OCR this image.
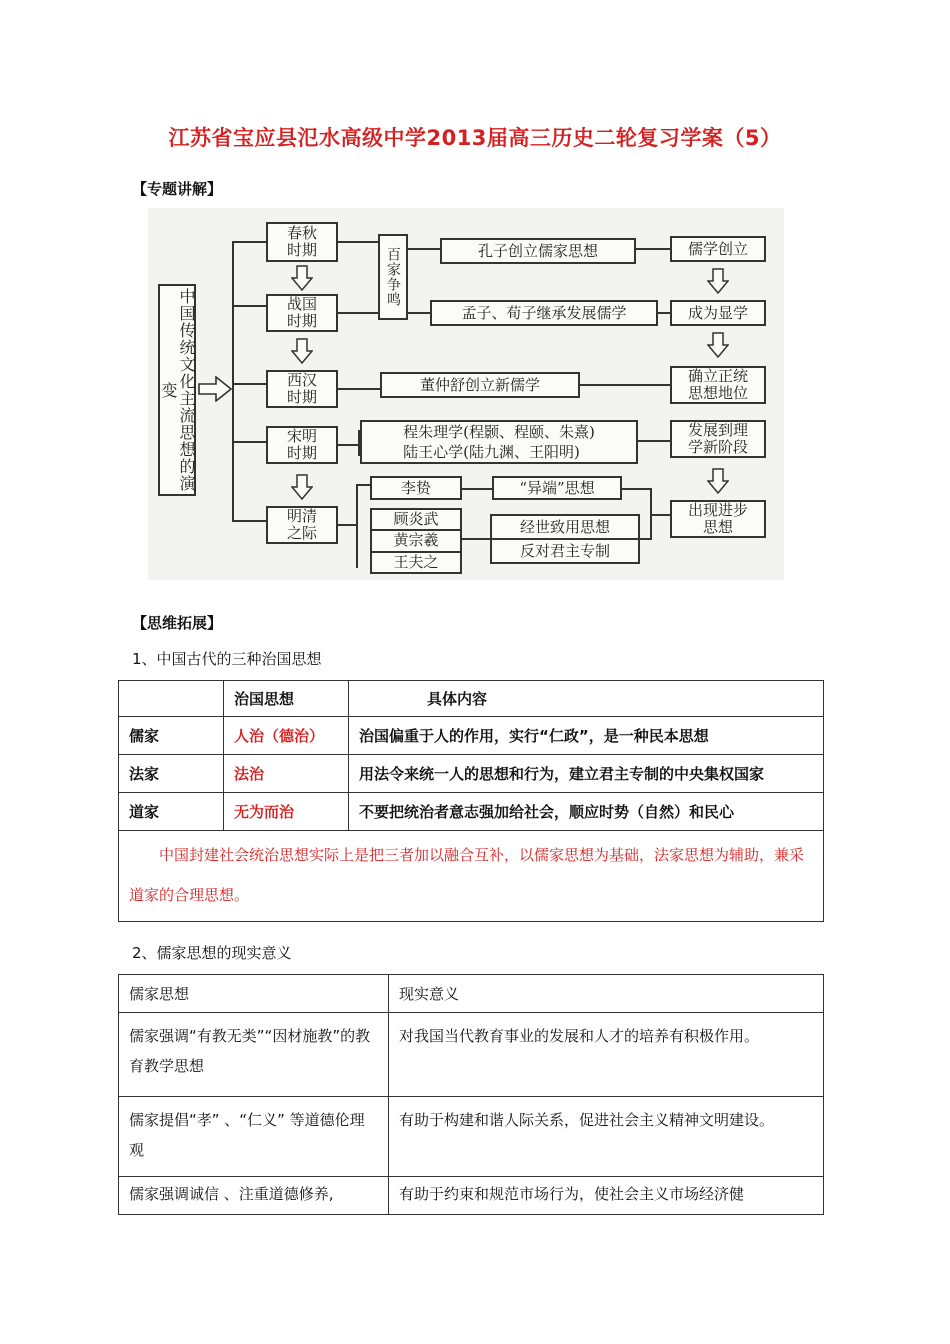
江苏省宝应县氾水高级中学2013届高三历史二轮复习学案（5）
【专题讲解】
中国传统文化主流思想的演变
春秋
时期
战国
时期
西汉
时期
宋明
时期
明清
之际
百家争鸣	孔子创立儒家思想
孟子、荀子继承发展儒学
董仲舒创立新儒学
程朱理学(程颢、程颐、朱熹)
陆王心学(陆九渊、王阳明)
李贽
顾炎武
黄宗羲
王夫之
“异端”思想
经世致用思想
反对君主专制
儒学创立
成为显学
确立正统
思想地位
发展到理
学新阶段
出现进步
思想
【思维拓展】
1、中国古代的三种治国思想
	治国思想	具体内容
儒家	人治（德治）	治国偏重于人的作用，实行“仁政”，是一种民本思想
法家	法治	用法令来统一人的思想和行为，建立君主专制的中央集权国家
道家	无为而治	不要把统治者意志强加给社会，顺应时势（自然）和民心
中国封建社会统治思想实际上是把三者加以融合互补，以儒家思想为基础，法家思想为辅助，兼采道家的合理思想。		
2、儒家思想的现实意义
儒家思想	现实意义
儒家强调“有教无类”“因材施教”的教育教学思想	对我国当代教育事业的发展和人才的培养有积极作用。
儒家提倡“孝” 、“仁义” 等道德伦理观	有助于构建和谐人际关系，促进社会主义精神文明建设。
儒家强调诚信 、注重道德修养,	有助于约束和规范市场行为，使社会主义市场经济健
